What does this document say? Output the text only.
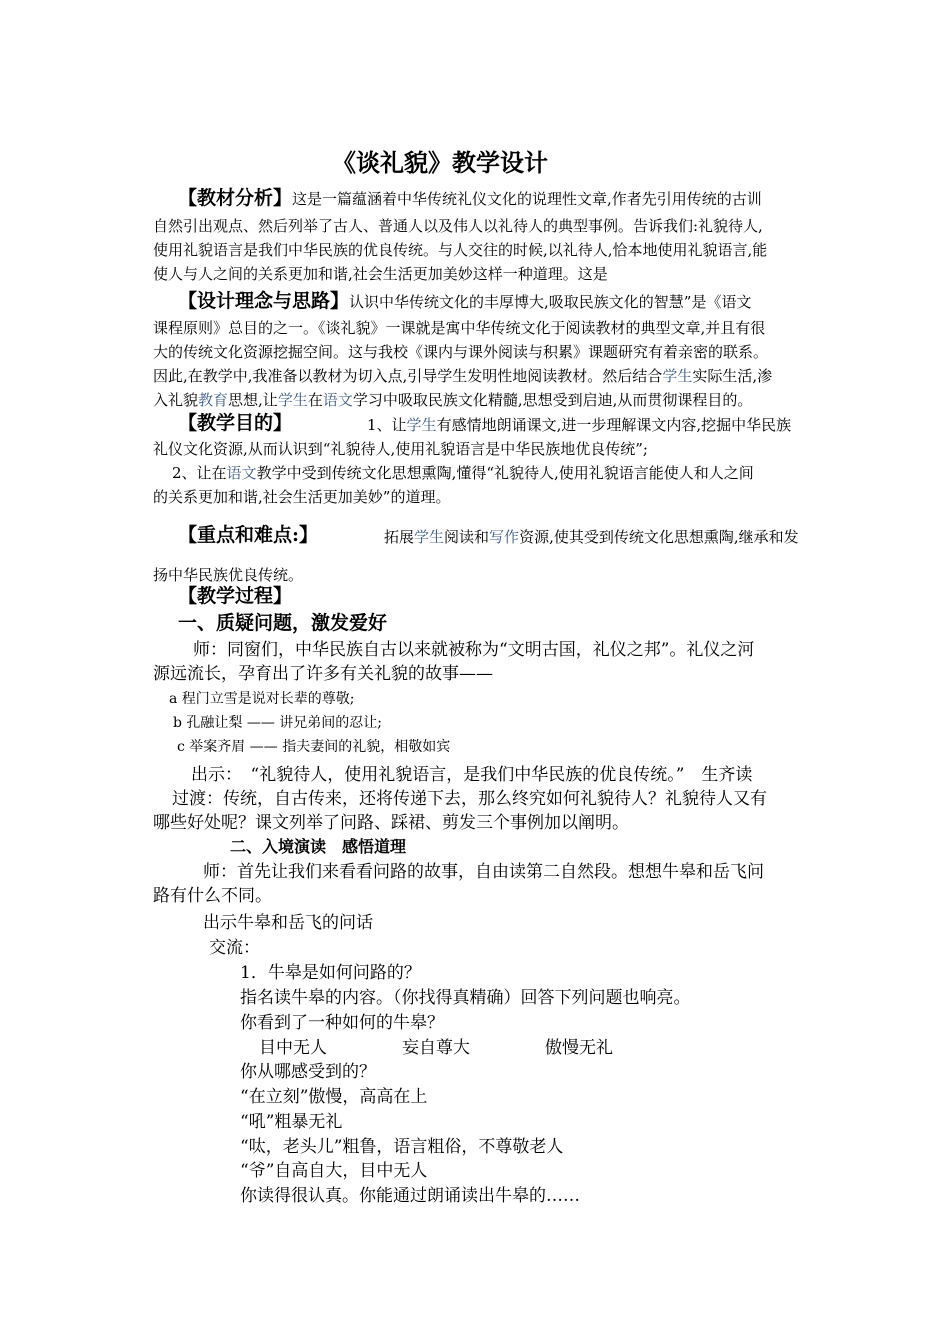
《谈礼貌》教学设计
【教材分析】这是一篇蕴涵着中华传统礼仪文化的说理性文章,作者先引用传统的古训
自然引出观点、然后列举了古人、普通人以及伟人以礼待人的典型事例。告诉我们:礼貌待人,
使用礼貌语言是我们中华民族的优良传统。与人交往的时候,以礼待人,恰本地使用礼貌语言,能
使人与人之间的关系更加和谐,社会生活更加美妙这样一种道理。这是
【设计理念与思路】认识中华传统文化的丰厚博大,吸取民族文化的智慧”是《语文
课程原则》总目的之一。《谈礼貌》一课就是寓中华传统文化于阅读教材的典型文章,并且有很
大的传统文化资源挖掘空间。这与我校《课内与课外阅读与积累》课题研究有着亲密的联系。
因此,在教学中,我准备以教材为切入点,引导学生发明性地阅读教材。然后结合学生实际生活,渗
入礼貌教育思想,让学生在语文学习中吸取民族文化精髓,思想受到启迪,从而贯彻课程目的。
【教学目的】	1、让学生有感情地朗诵课文,进一步理解课文内容,挖掘中华民族
礼仪文化资源,从而认识到“礼貌待人,使用礼貌语言是中华民族地优良传统”;
2、让在语文教学中受到传统文化思想熏陶,懂得“礼貌待人,使用礼貌语言能使人和人之间
的关系更加和谐,社会生活更加美妙”的道理。
【重点和难点:】	拓展学生阅读和写作资源,使其受到传统文化思想熏陶,继承和发
扬中华民族优良传统。
【教学过程】
一、质疑问题，激发爱好
师：同窗们，中华民族自古以来就被称为“文明古国，礼仪之邦”。礼仪之河
源远流长，孕育出了许多有关礼貌的故事——
a 程门立雪是说对长辈的尊敬;
b 孔融让梨 —— 讲兄弟间的忍让;
c 举案齐眉 —— 指夫妻间的礼貌，相敬如宾
出示：　“礼貌待人，使用礼貌语言，是我们中华民族的优良传统。”　生齐读
过渡：传统，自古传来，还将传递下去，那么终究如何礼貌待人？礼貌待人又有
哪些好处呢？课文列举了问路、踩裙、剪发三个事例加以阐明。
二、入境演读　感悟道理
师：首先让我们来看看问路的故事，自由读第二自然段。想想牛皋和岳飞问
路有什么不同。
出示牛皋和岳飞的问话
交流：
1．牛皋是如何问路的？
指名读牛皋的内容。（你找得真精确）回答下列问题也响亮。
你看到了一种如何的牛皋？
目中无人	妄自尊大	傲慢无礼
你从哪感受到的？
“在立刻”傲慢，高高在上
“吼”粗暴无礼
“呔，老头儿”粗鲁，语言粗俗，不尊敬老人
“爷”自高自大，目中无人
你读得很认真。你能通过朗诵读出牛皋的……
